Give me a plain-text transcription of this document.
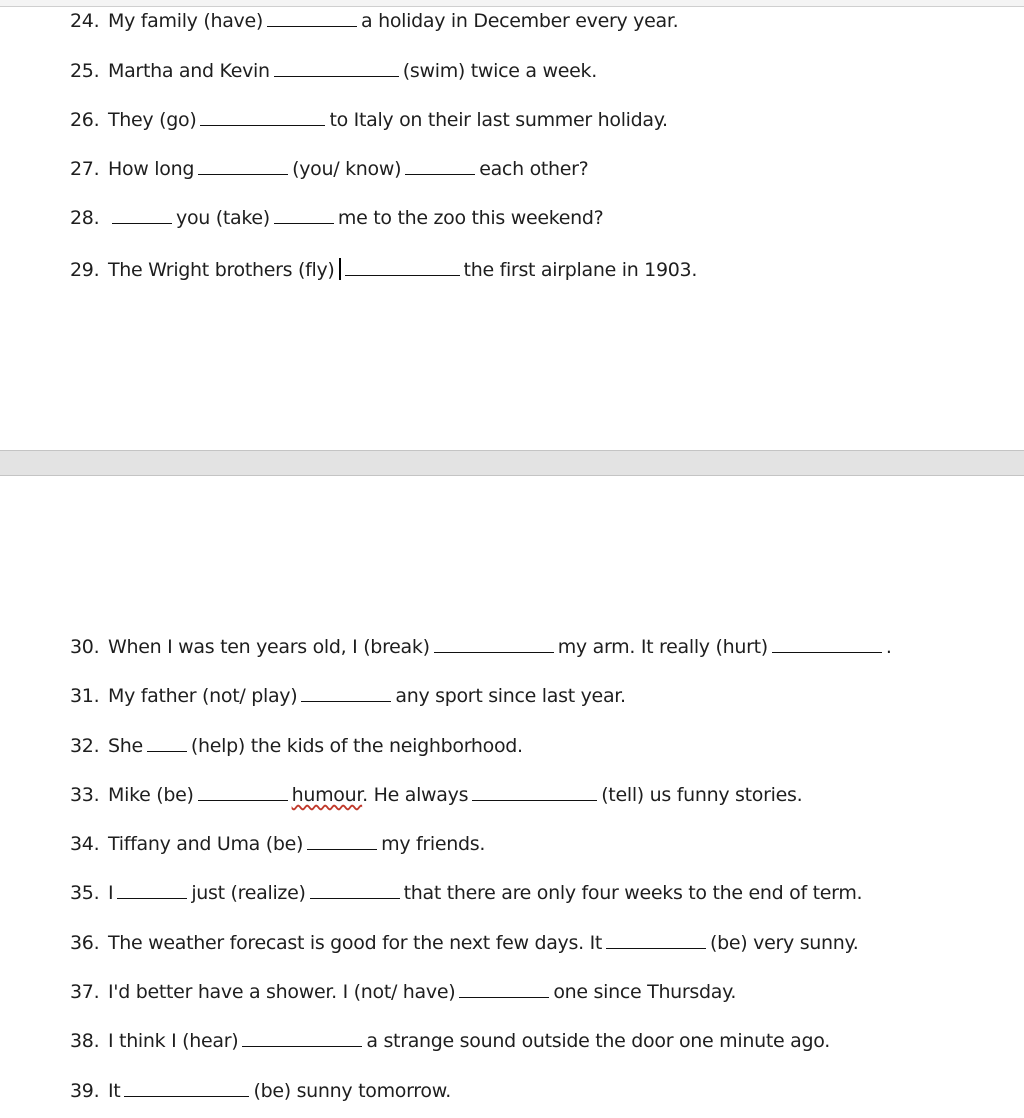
24. My family (have)	a holiday in December every year.
25. Martha and Kevin	(swim) twice a week.
26. They (go)	to Italy on their last summer holiday.
27. How long	(you/ know)	each other?
28.	you (take)	me to the zoo this weekend?
29. The Wright brothers (fly)	the first airplane in 1903.
30. When I was ten years old, I (break)	my arm. It really (hurt)	.
31. My father (not/ play)	any sport since last year.
32. She	(help) the kids of the neighborhood.
33. Mike (be)	humour. He always	(tell) us funny stories.
34. Tiffany and Uma (be)	my friends.
35. I	just (realize)	that there are only four weeks to the end of term.
36. The weather forecast is good for the next few days. It	(be) very sunny.
37. I'd better have a shower. I (not/ have)	one since Thursday.
38. I think I (hear)	a strange sound outside the door one minute ago.
39. It	(be) sunny tomorrow.
